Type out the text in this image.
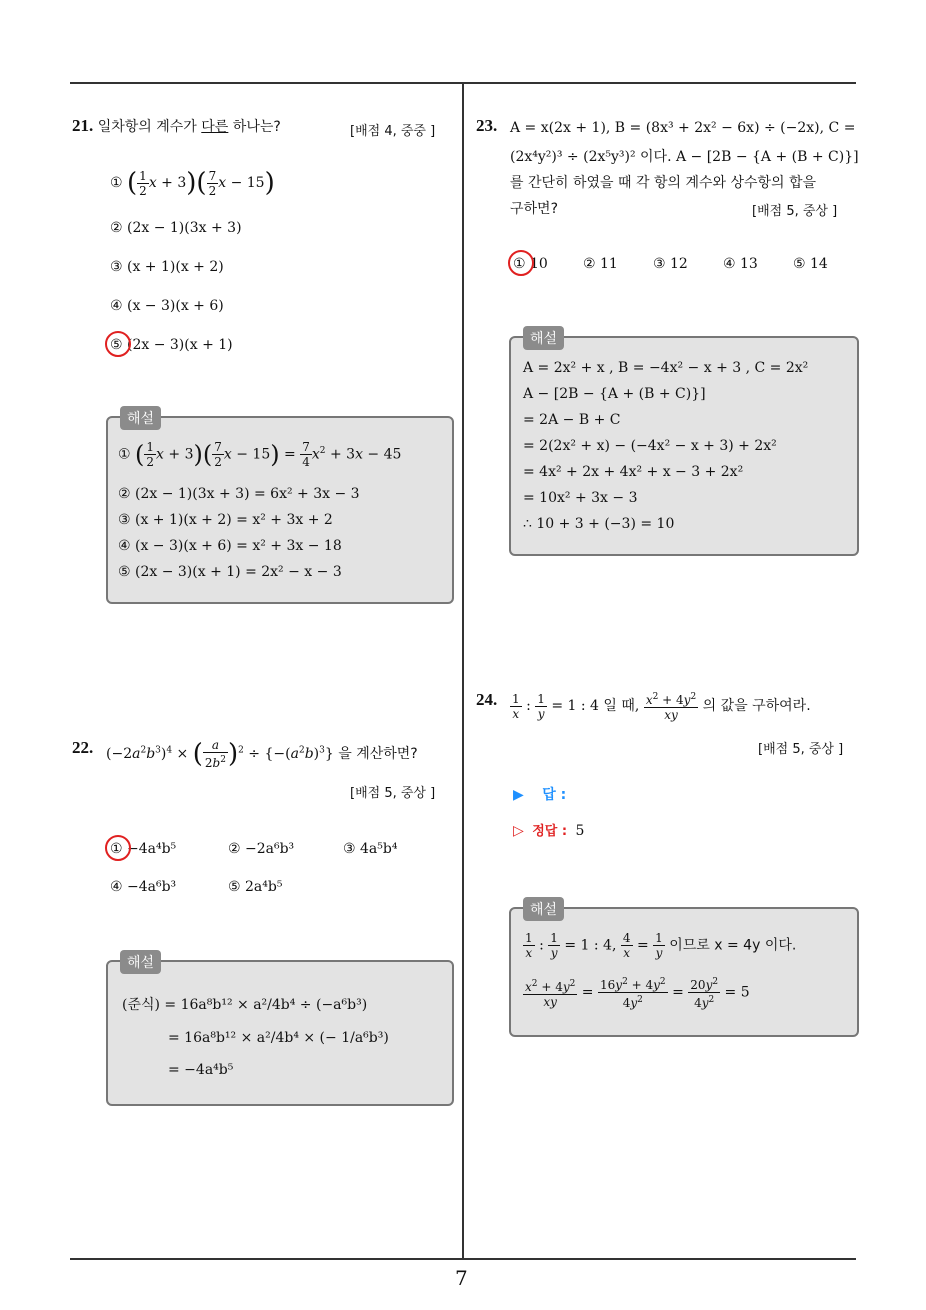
7
21. 일차항의 계수가 다른 하나는?	[배점 4, 중중 ]
① ( $\frac{1}{2}$ $x + 3)( \frac{7}{2}$ x − 15)
② (2x − 1)(3x + 3)
③ (x + 1)(x + 2)
④ (x − 3)(x + 6)
⑤ (2x − 3)(x + 1)
해설
① ( $\frac{1}{2}$ $x + 3)( \frac{7}{2}$ $x - 15) = \frac{7}{4} x^2 + 3x - 45$
② (2x − 1)(3x + 3) = 6x² + 3x − 3
③ (x + 1)(x + 2) = x² + 3x + 2
④ (x − 3)(x + 6) = x² + 3x − 18
⑤ (2x − 3)(x + 1) = 2x² − x − 3
22. $(-2a^2b^3)^4$ × ( $\frac{a}{2b^2} )^2 \div \{-(a^2b)^3\}$ 을 계산하면?
[배점 5, 중상 ]
① −4a⁴b⁵	② −2a⁶b³	③ 4a⁵b⁴
④ −4a⁶b³	⑤ 2a⁴b⁵
해설
(준식) = 16a⁸b¹² × a²/4b⁴ ÷ (−a⁶b³)
= 16a⁸b¹² × a²/4b⁴ × (− 1/a⁶b³)
= −4a⁴b⁵
23. A = x(2x + 1), B = (8x³ + 2x² − 6x) ÷ (−2x), C =
(2x⁴y²)³ ÷ (2x⁵y³)² 이다. A − [2B − {A + (B + C)}]
를 간단히 하였을 때 각 항의 계수와 상수항의 합을
구하면?	[배점 5, 중상 ]
① 10	② 11	③ 12	④ 13	⑤ 14
해설
A = 2x² + x , B = −4x² − x + 3 , C = 2x²
A − [2B − {A + (B + C)}]
= 2A − B + C
= 2(2x² + x) − (−4x² − x + 3) + 2x²
= 4x² + 2x + 4x² + x − 3 + 2x²
= 10x² + 3x − 3
∴ 10 + 3 + (−3) = 10
24. $\frac{1}{x}$ : $\frac{1}{y} = 1$ : 4 일 때, $\frac{x^2 + 4y^2}{xy}$ 의 값을 구하여라.
[배점 5, 중상 ]
▶ 답 :
▷ 정답 : 5
해설
$\frac{1}{x}$ : $\frac{1}{y} = 1$ : 4, $\frac{4}{x} = \frac{1}{y}$ 이므로 x = 4y 이다.
$\frac{x^2 + 4y^2}{xy} = \frac{16y^2 + 4y^2}{4y^2} = \frac{20y^2}{4y^2} = 5$
